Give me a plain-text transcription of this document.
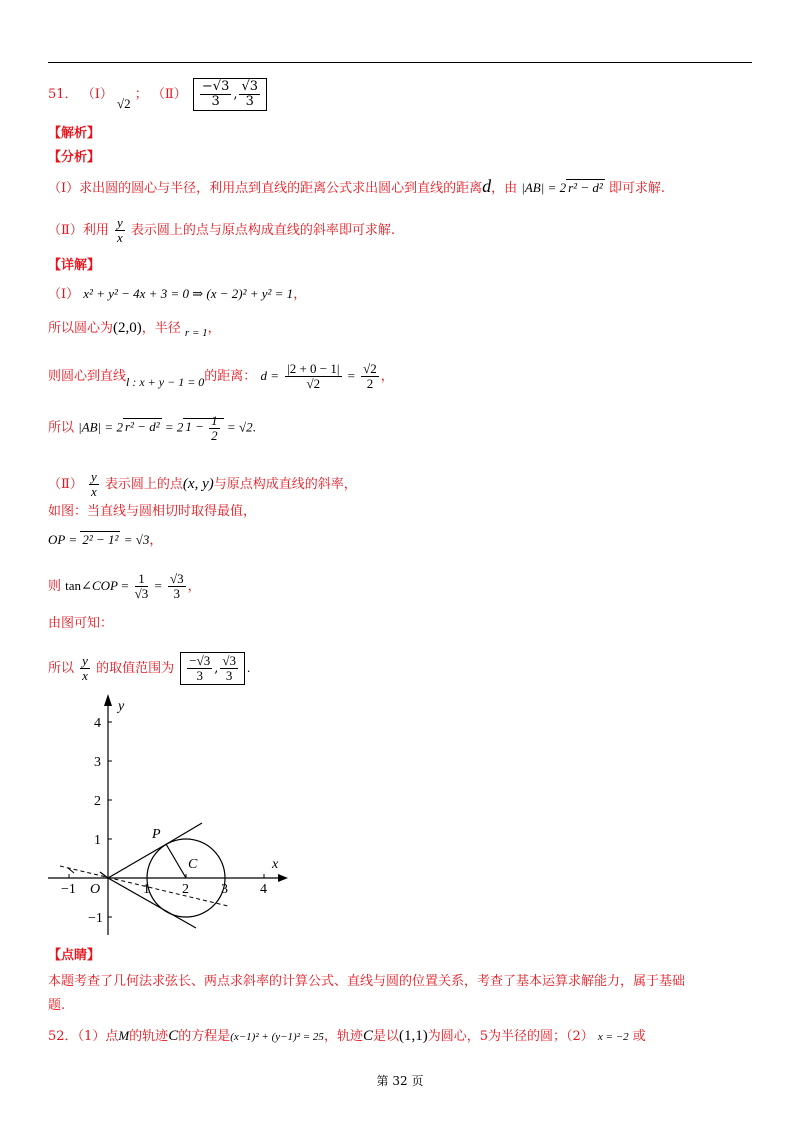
51． （Ⅰ） √2 ； （Ⅱ） $\frac{-√3}{3}$ , $\frac{√3}{3}$
【解析】
【分析】
（Ⅰ）求出圆的圆心与半径，利用点到直线的距离公式求出圆心到直线的距离d，由 |AB| = 2 r² − d² 即可求解.
（Ⅱ）利用 $\frac{y}{x}$ 表示圆上的点与原点构成直线的斜率即可求解.
【详解】
（Ⅰ） x² + y² − 4x + 3 = 0 ⇒ (x − 2)² + y² = 1，
所以圆心为(2,0)，半径 $_{r = 1}$，
则圆心到直线l : x + y − 1 = 0的距离： $d = \frac{|2 + 0 - 1|}{√2} = \frac{√2}{2}$ ，
所以 |AB| = 2 r² − d² = 2 $1 - \frac{1}{2} = √2$.
（Ⅱ） $\frac{y}{x}$ 表示圆上的点(x, y)与原点构成直线的斜率，
如图：当直线与圆相切时取得最值，
OP = 2² − 1² = √3，
则 tan∠COP = $\frac{1}{√3} = \frac{√3}{3}$ ，
由图可知：
所以 $\frac{y}{x}$ 的取值范围为 $\frac{-√3}{3}$ , $\frac{√3}{3}$ .
y
x
−1	1 2 3 4
4
3
2
1
−1
O
P
C
【点睛】
本题考查了几何法求弦长、两点求斜率的计算公式、直线与圆的位置关系，考查了基本运算求解能力，属于基础
题.
52．（1）点M的轨迹C的方程是(x−1)² + (y−1)² = 25，轨迹C是以(1,1)为圆心，5为半径的圆；（2） x = −2 或
第 32 页
